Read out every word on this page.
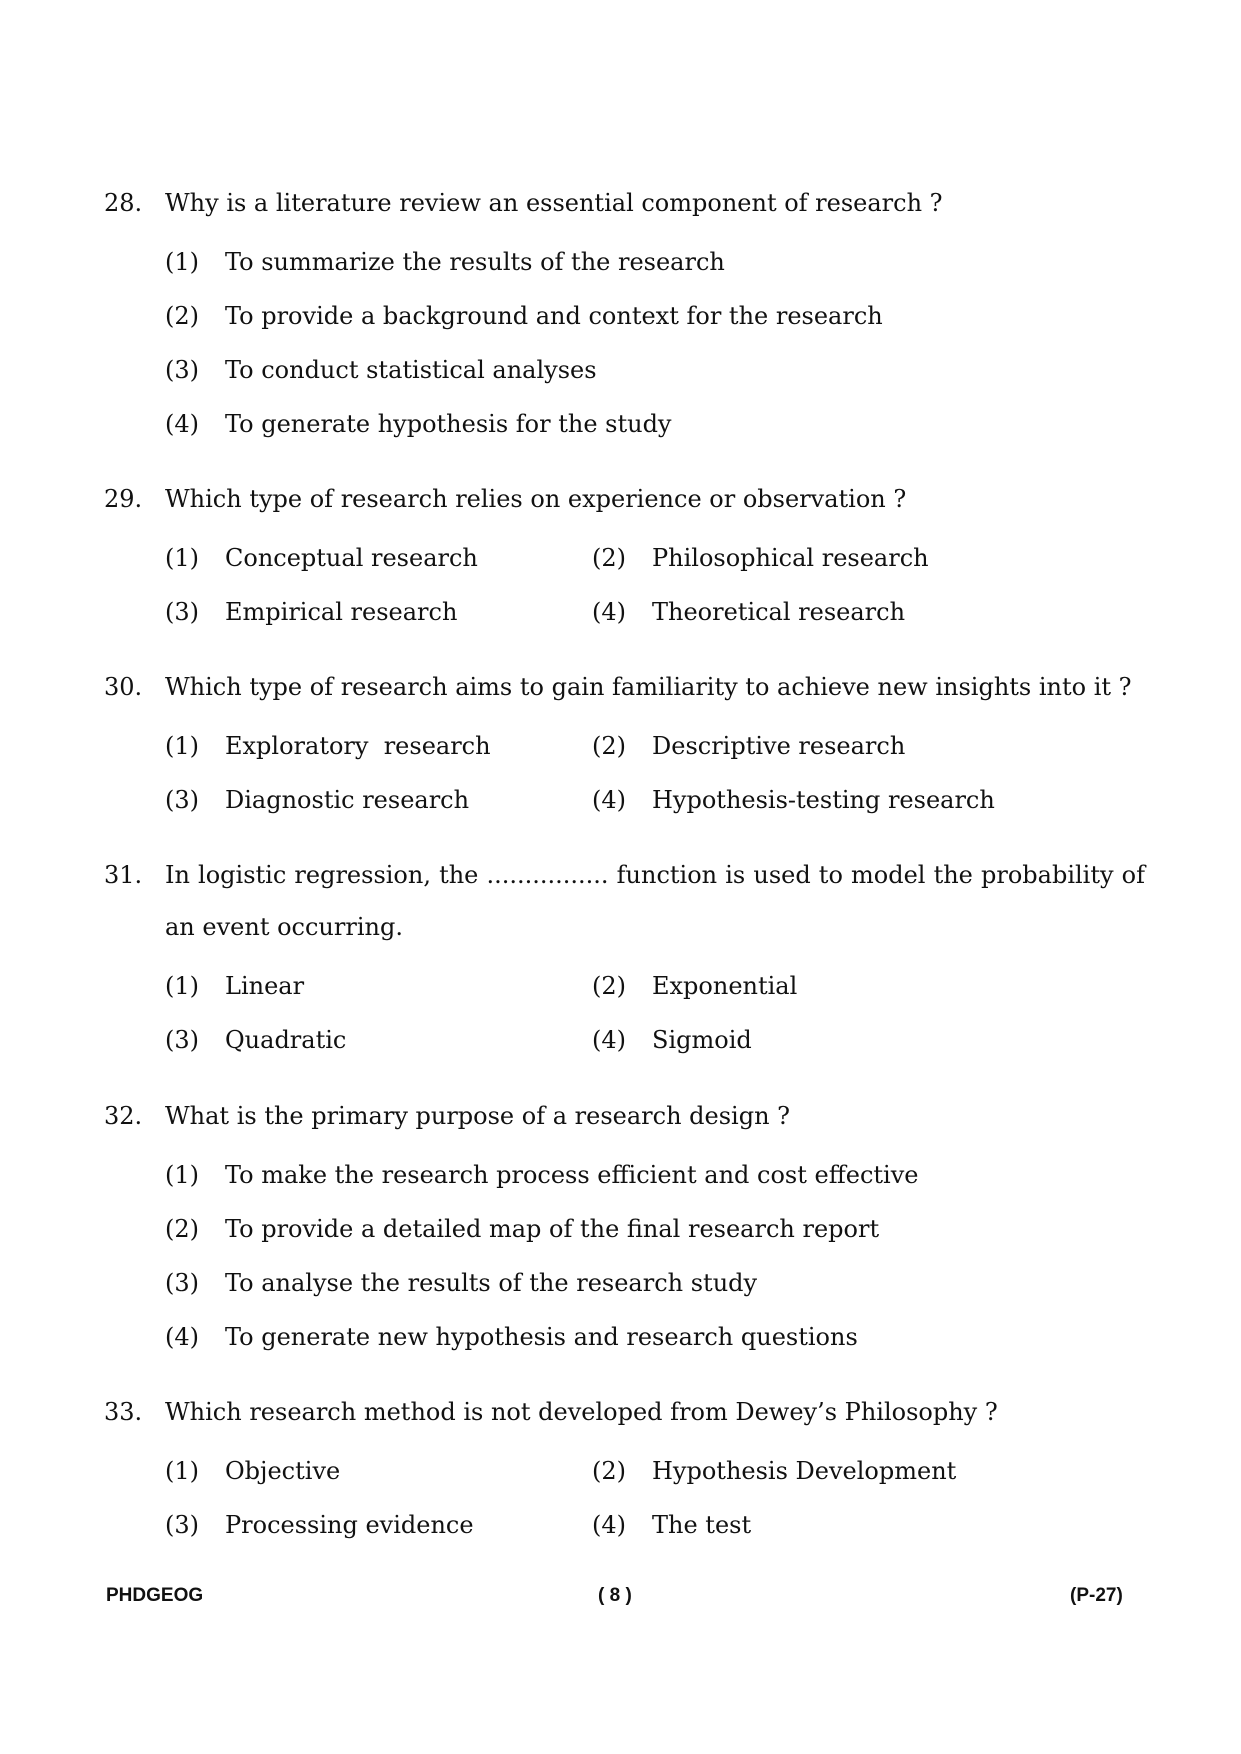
28. Why is a literature review an essential component of research ?
(1) To summarize the results of the research
(2) To provide a background and context for the research
(3) To conduct statistical analyses
(4) To generate hypothesis for the study
29. Which type of research relies on experience or observation ?
(1) Conceptual research	(2) Philosophical research
(3) Empirical research	(4) Theoretical research
30. Which type of research aims to gain familiarity to achieve new insights into it ?
(1) Exploratory  research	(2) Descriptive research
(3) Diagnostic research	(4) Hypothesis-testing research
31. In logistic regression, the ................ function is used to model the probability of an event occurring.
(1) Linear	(2) Exponential
(3) Quadratic	(4) Sigmoid
32. What is the primary purpose of a research design ?
(1) To make the research process efficient and cost effective
(2) To provide a detailed map of the final research report
(3) To analyse the results of the research study
(4) To generate new hypothesis and research questions
33. Which research method is not developed from Dewey’s Philosophy ?
(1) Objective	(2) Hypothesis Development
(3) Processing evidence	(4) The test
PHDGEOG	( 8 )	(P-27)
